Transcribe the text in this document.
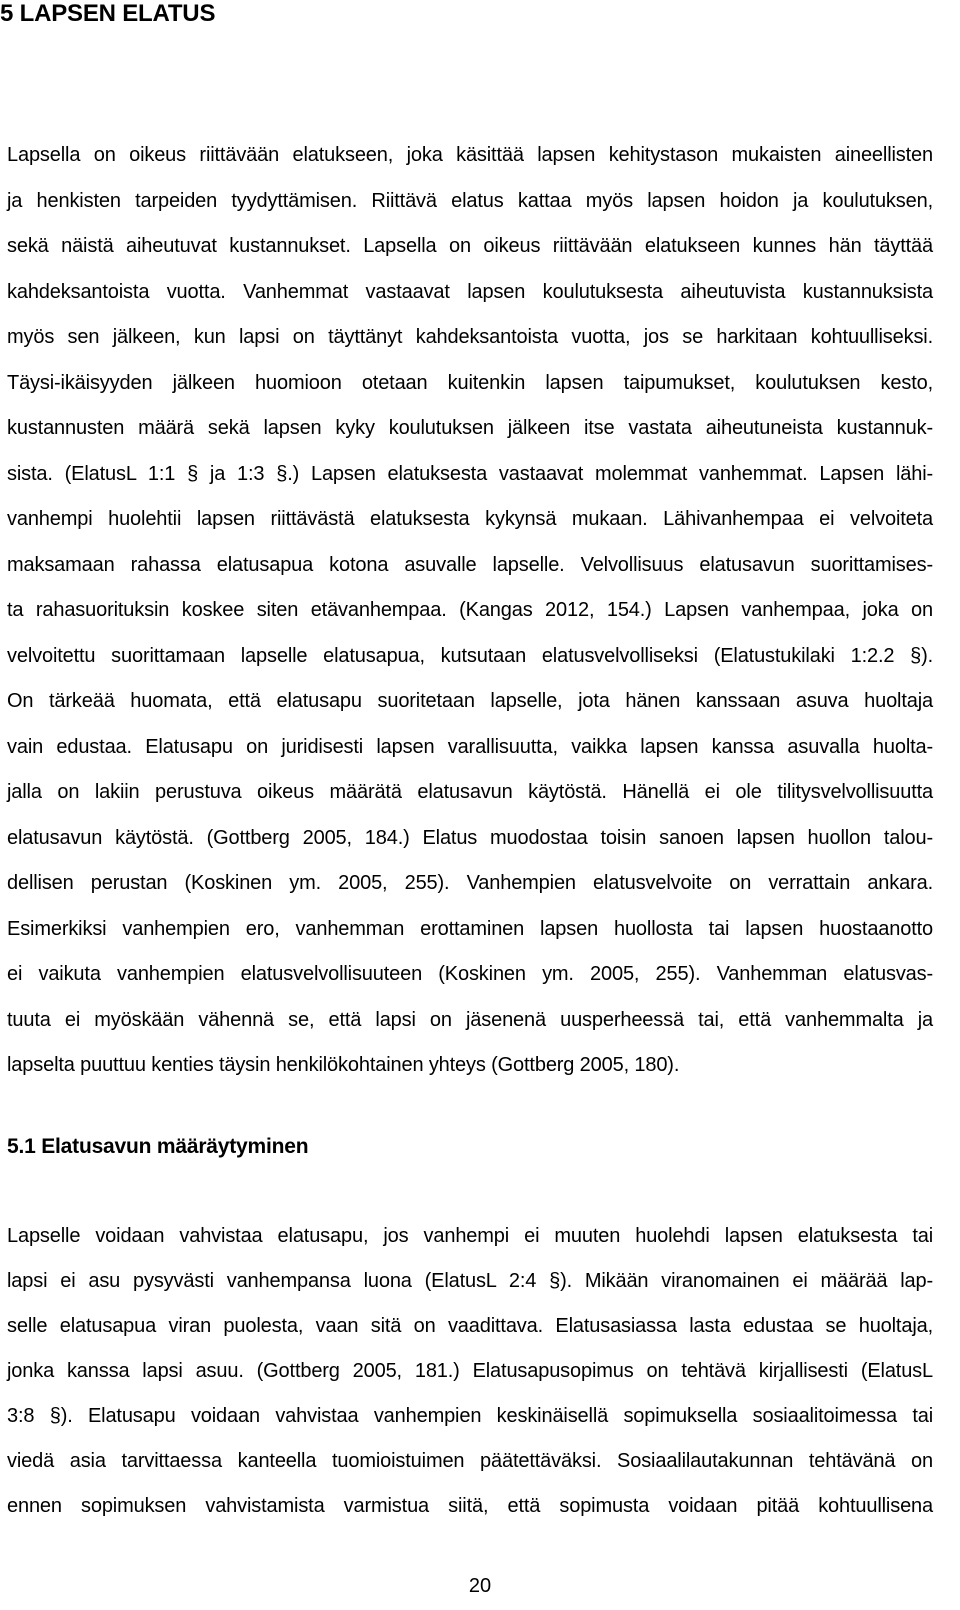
5 LAPSEN ELATUS
Lapsella on oikeus riittävään elatukseen, joka käsittää lapsen kehitystason mukaisten aineellisten
ja henkisten tarpeiden tyydyttämisen. Riittävä elatus kattaa myös lapsen hoidon ja koulutuksen,
sekä näistä aiheutuvat kustannukset. Lapsella on oikeus riittävään elatukseen kunnes hän täyttää
kahdeksantoista vuotta. Vanhemmat vastaavat lapsen koulutuksesta aiheutuvista kustannuksista
myös sen jälkeen, kun lapsi on täyttänyt kahdeksantoista vuotta, jos se harkitaan kohtuulliseksi.
Täysi-ikäisyyden jälkeen huomioon otetaan kuitenkin lapsen taipumukset, koulutuksen kesto,
kustannusten määrä sekä lapsen kyky koulutuksen jälkeen itse vastata aiheutuneista kustannuk-
sista. (ElatusL 1:1 § ja 1:3 §.) Lapsen elatuksesta vastaavat molemmat vanhemmat. Lapsen lähi-
vanhempi huolehtii lapsen riittävästä elatuksesta kykynsä mukaan. Lähivanhempaa ei velvoiteta
maksamaan rahassa elatusapua kotona asuvalle lapselle. Velvollisuus elatusavun suorittamises-
ta rahasuorituksin koskee siten etävanhempaa. (Kangas 2012, 154.) Lapsen vanhempaa, joka on
velvoitettu suorittamaan lapselle elatusapua, kutsutaan elatusvelvolliseksi (Elatustukilaki 1:2.2 §).
On tärkeää huomata, että elatusapu suoritetaan lapselle, jota hänen kanssaan asuva huoltaja
vain edustaa. Elatusapu on juridisesti lapsen varallisuutta, vaikka lapsen kanssa asuvalla huolta-
jalla on lakiin perustuva oikeus määrätä elatusavun käytöstä. Hänellä ei ole tilitysvelvollisuutta
elatusavun käytöstä. (Gottberg 2005, 184.) Elatus muodostaa toisin sanoen lapsen huollon talou-
dellisen perustan (Koskinen ym. 2005, 255). Vanhempien elatusvelvoite on verrattain ankara.
Esimerkiksi vanhempien ero, vanhemman erottaminen lapsen huollosta tai lapsen huostaanotto
ei vaikuta vanhempien elatusvelvollisuuteen (Koskinen ym. 2005, 255). Vanhemman elatusvas-
tuuta ei myöskään vähennä se, että lapsi on jäsenenä uusperheessä tai, että vanhemmalta ja
lapselta puuttuu kenties täysin henkilökohtainen yhteys (Gottberg 2005, 180).
5.1 Elatusavun määräytyminen
Lapselle voidaan vahvistaa elatusapu, jos vanhempi ei muuten huolehdi lapsen elatuksesta tai
lapsi ei asu pysyvästi vanhempansa luona (ElatusL 2:4 §). Mikään viranomainen ei määrää lap-
selle elatusapua viran puolesta, vaan sitä on vaadittava. Elatusasiassa lasta edustaa se huoltaja,
jonka kanssa lapsi asuu. (Gottberg 2005, 181.) Elatusapusopimus on tehtävä kirjallisesti (ElatusL
3:8 §). Elatusapu voidaan vahvistaa vanhempien keskinäisellä sopimuksella sosiaalitoimessa tai
viedä asia tarvittaessa kanteella tuomioistuimen päätettäväksi. Sosiaalilautakunnan tehtävänä on
ennen sopimuksen vahvistamista varmistua siitä, että sopimusta voidaan pitää kohtuullisena
20
